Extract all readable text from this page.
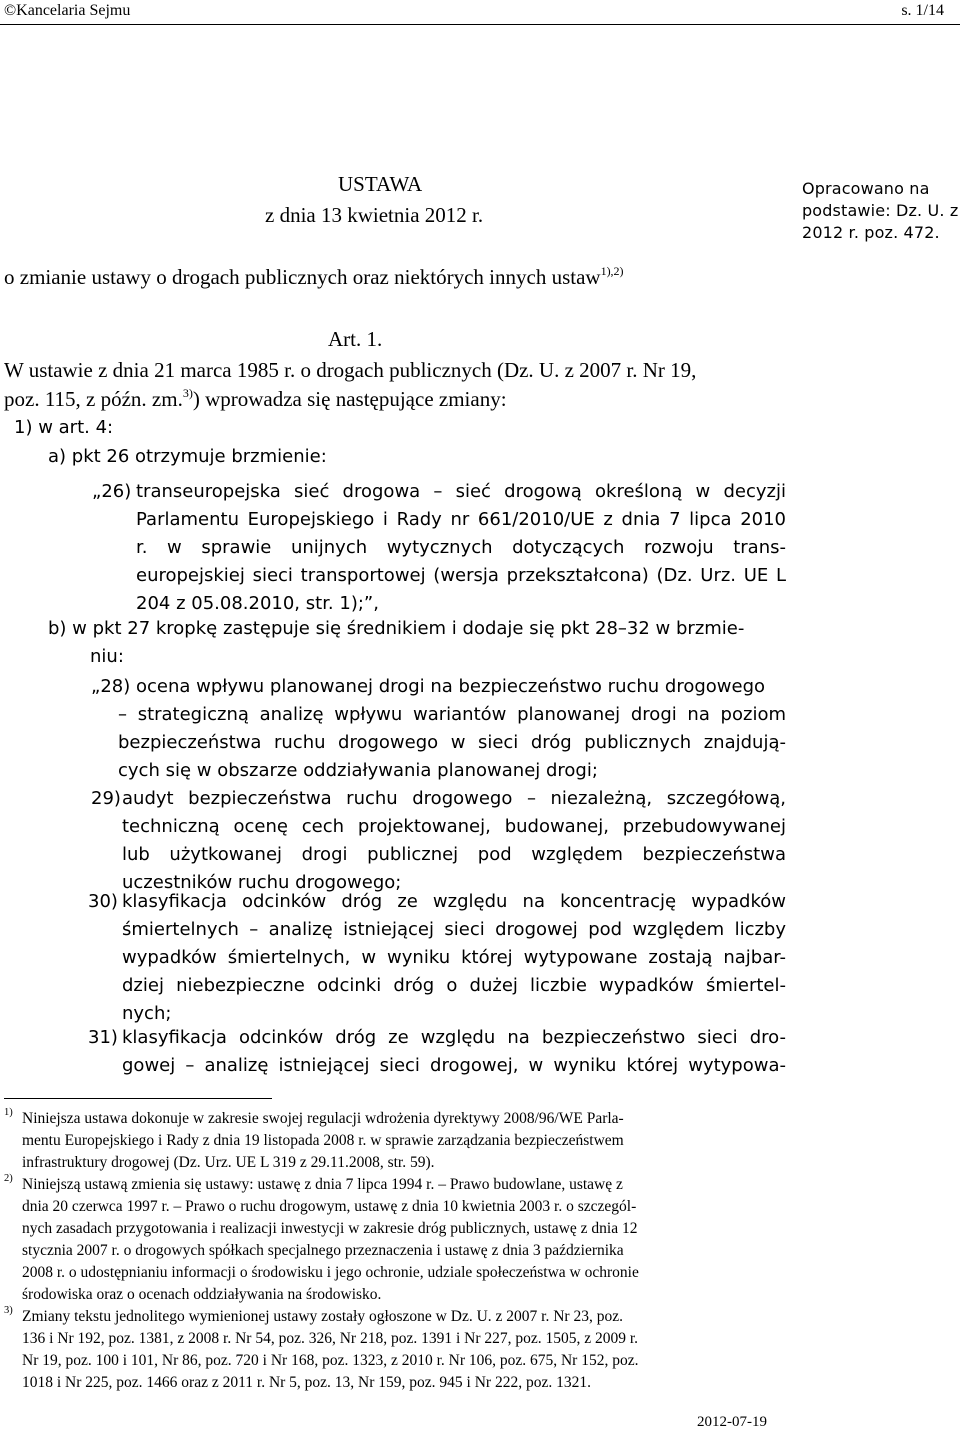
©Kancelaria Sejmu	s. 1/14
USTAWA
z dnia 13 kwietnia 2012 r.
o zmianie ustawy o drogach publicznych oraz niektórych innych ustaw$^{1),2)}$
Opracowano na
podstawie: Dz. U. z
2012 r. poz. 472.
Art. 1.
W ustawie z dnia 21 marca 1985 r. o drogach publicznych (Dz. U. z 2007 r. Nr 19,
poz. 115, z późn. zm.$^{3)}$) wprowadza się następujące zmiany:
1) w art. 4:
a) pkt 26 otrzymuje brzmienie:
„26) transeuropejska sieć drogowa – sieć drogową określoną w decyzji
Parlamentu Europejskiego i Rady nr 661/2010/UE z dnia 7 lipca 2010
r. w sprawie unijnych wytycznych dotyczących rozwoju trans-
europejskiej sieci transportowej (wersja przekształcona) (Dz. Urz. UE L
204 z 05.08.2010, str. 1);”,
b) w pkt 27 kropkę zastępuje się średnikiem i dodaje się pkt 28–32 w brzmie-
niu:
„28) ocena wpływu planowanej drogi na bezpieczeństwo ruchu drogowego
– strategiczną analizę wpływu wariantów planowanej drogi na poziom
bezpieczeństwa ruchu drogowego w sieci dróg publicznych znajdują-
cych się w obszarze oddziaływania planowanej drogi;
29) audyt bezpieczeństwa ruchu drogowego – niezależną, szczegółową,
techniczną ocenę cech projektowanej, budowanej, przebudowywanej
lub użytkowanej drogi publicznej pod względem bezpieczeństwa
uczestników ruchu drogowego;
30) klasyfikacja odcinków dróg ze względu na koncentrację wypadków
śmiertelnych – analizę istniejącej sieci drogowej pod względem liczby
wypadków śmiertelnych, w wyniku której wytypowane zostają najbar-
dziej niebezpieczne odcinki dróg o dużej liczbie wypadków śmiertel-
nych;
31) klasyfikacja odcinków dróg ze względu na bezpieczeństwo sieci dro-
gowej – analizę istniejącej sieci drogowej, w wyniku której wytypowa-
1) Niniejsza ustawa dokonuje w zakresie swojej regulacji wdrożenia dyrektywy 2008/96/WE Parla-
mentu Europejskiego i Rady z dnia 19 listopada 2008 r. w sprawie zarządzania bezpieczeństwem
infrastruktury drogowej (Dz. Urz. UE L 319 z 29.11.2008, str. 59).
2) Niniejszą ustawą zmienia się ustawy: ustawę z dnia 7 lipca 1994 r. – Prawo budowlane, ustawę z
dnia 20 czerwca 1997 r. – Prawo o ruchu drogowym, ustawę z dnia 10 kwietnia 2003 r. o szczegól-
nych zasadach przygotowania i realizacji inwestycji w zakresie dróg publicznych, ustawę z dnia 12
stycznia 2007 r. o drogowych spółkach specjalnego przeznaczenia i ustawę z dnia 3 października
2008 r. o udostępnianiu informacji o środowisku i jego ochronie, udziale społeczeństwa w ochronie
środowiska oraz o ocenach oddziaływania na środowisko.
3) Zmiany tekstu jednolitego wymienionej ustawy zostały ogłoszone w Dz. U. z 2007 r. Nr 23, poz.
136 i Nr 192, poz. 1381, z 2008 r. Nr 54, poz. 326, Nr 218, poz. 1391 i Nr 227, poz. 1505, z 2009 r.
Nr 19, poz. 100 i 101, Nr 86, poz. 720 i Nr 168, poz. 1323, z 2010 r. Nr 106, poz. 675, Nr 152, poz.
1018 i Nr 225, poz. 1466 oraz z 2011 r. Nr 5, poz. 13, Nr 159, poz. 945 i Nr 222, poz. 1321.
2012-07-19
